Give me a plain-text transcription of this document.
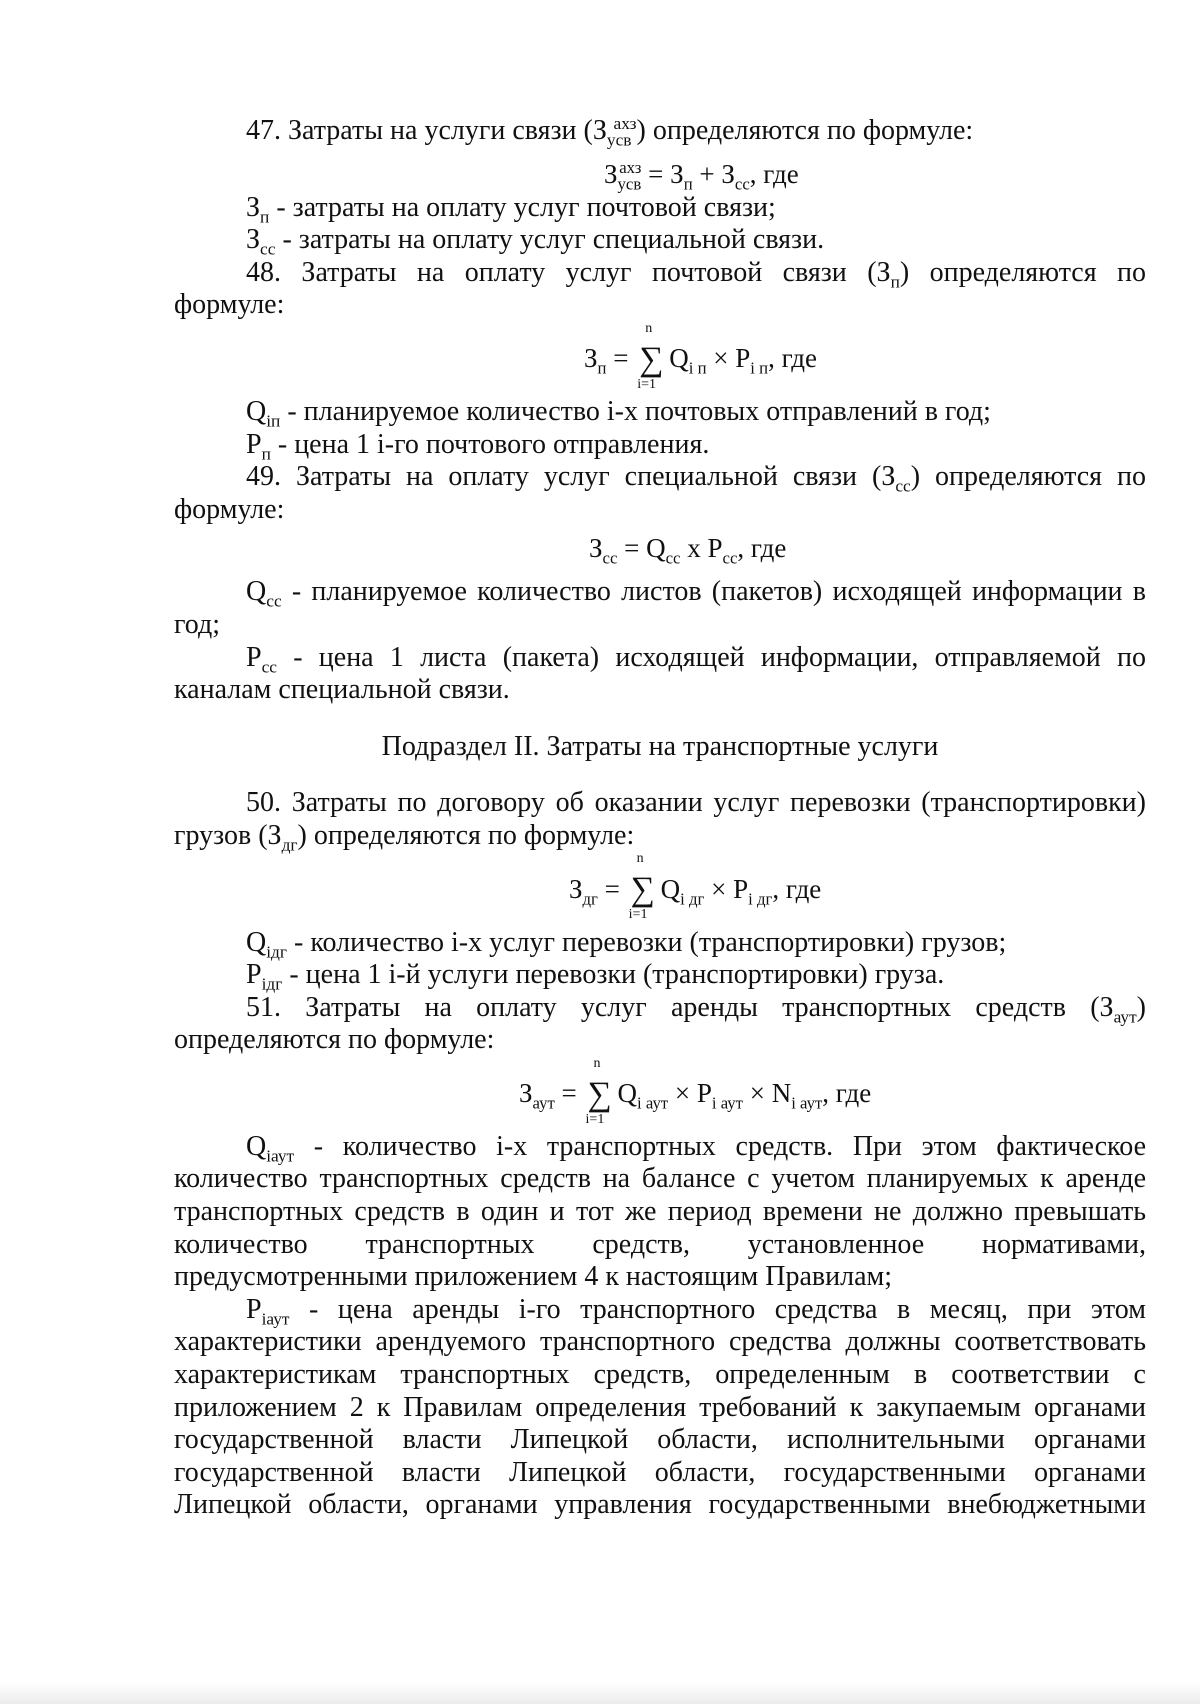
47. Затраты на услуги связи $(З_{усв}^{ахз})$ определяются по формуле:

$З_{усв}^{ахз} = З_п + З_{сс}$, где

$З_п$ - затраты на оплату услуг почтовой связи;

$З_{сс}$ - затраты на оплату услуг специальной связи.

48. Затраты на оплату услуг почтовой связи $(З_п)$ определяются по

формуле:

$З_п$ =
n
∑
i=1
$Q_{i п} \times P_{i п}$, где

$Q_{iп}$ - планируемое количество i-х почтовых отправлений в год;

$P_п$ - цена 1 i-го почтового отправления.

49. Затраты на оплату услуг специальной связи $(З_{сс})$ определяются по

формуле:

$З_{сс} = Q_{сс}$ х $P_{сс}$, где

$Q_{сс}$ - планируемое количество листов (пакетов) исходящей информации в

год;

$P_{сс}$ - цена 1 листа (пакета) исходящей информации, отправляемой по

каналам специальной связи.

Подраздел II. Затраты на транспортные услуги

50. Затраты по договору об оказании услуг перевозки (транспортировки)

грузов $(З_{дг})$ определяются по формуле:

$З_{дг}$ =
n
∑
i=1
$Q_{i дг} \times P_{i дг}$, где

$Q_{iдг}$ - количество i-х услуг перевозки (транспортировки) грузов;

$P_{iдг}$ - цена 1 i-й услуги перевозки (транспортировки) груза.

51. Затраты на оплату услуг аренды транспортных средств $(З_{аут})$

определяются по формуле:

$З_{аут}$ =
n
∑
i=1
$Q_{i аут} \times P_{i аут} \times N_{i аут}$, где

$Q_{iаут}$ - количество i-х транспортных средств. При этом фактическое

количество транспортных средств на балансе с учетом планируемых к аренде

транспортных средств в один и тот же период времени не должно превышать

количество транспортных средств, установленное нормативами,

предусмотренными приложением 4 к настоящим Правилам;

$P_{iаут}$ - цена аренды i-го транспортного средства в месяц, при этом

характеристики арендуемого транспортного средства должны соответствовать

характеристикам транспортных средств, определенным в соответствии с

приложением 2 к Правилам определения требований к закупаемым органами

государственной власти Липецкой области, исполнительными органами

государственной власти Липецкой области, государственными органами

Липецкой области, органами управления государственными внебюджетными
